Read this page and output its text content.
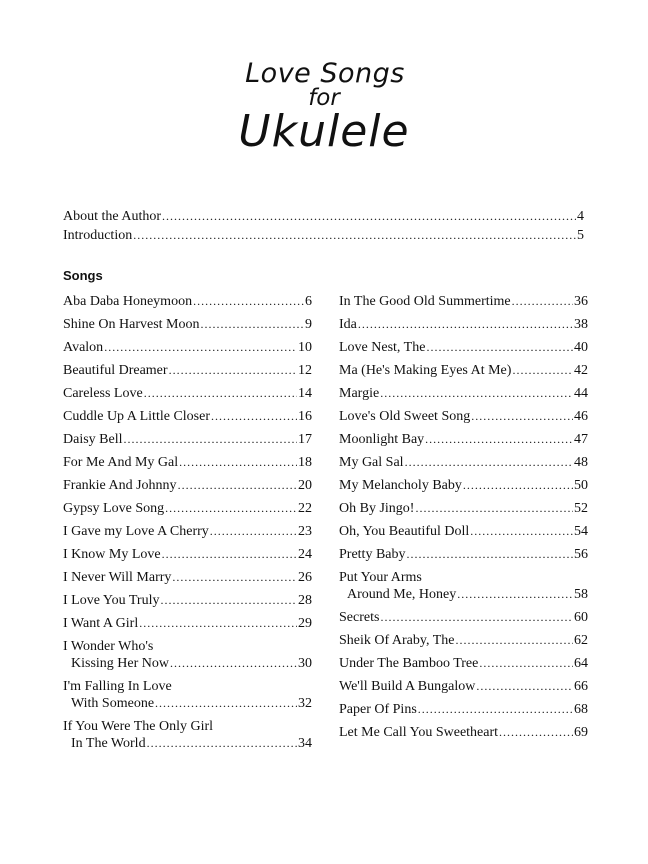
Love Songs
for
Ukulele
About the Author .....	4
Introduction .....	5
Songs
Aba Daba Honeymoon .....	6
Shine On Harvest Moon .....	9
Avalon .....	10
Beautiful Dreamer .....	12
Careless Love .....	14
Cuddle Up A Little Closer .....	16
Daisy Bell .....	17
For Me And My Gal .....	18
Frankie And Johnny .....	20
Gypsy Love Song .....	22
I Gave my Love A Cherry .....	23
I Know My Love .....	24
I Never Will Marry .....	26
I Love You Truly .....	28
I Want A Girl .....	29
I Wonder Who's
Kissing Her Now .....	30
I'm Falling In Love
With Someone .....	32
If You Were The Only Girl
In The World .....	34
In The Good Old Summertime .....	36
Ida .....	38
Love Nest, The .....	40
Ma (He's Making Eyes At Me) .....	42
Margie .....	44
Love's Old Sweet Song .....	46
Moonlight Bay .....	47
My Gal Sal .....	48
My Melancholy Baby .....	50
Oh By Jingo! .....	52
Oh, You Beautiful Doll .....	54
Pretty Baby .....	56
Put Your Arms
Around Me, Honey .....	58
Secrets .....	60
Sheik Of Araby, The .....	62
Under The Bamboo Tree .....	64
We'll Build A Bungalow .....	66
Paper Of Pins .....	68
Let Me Call You Sweetheart .....	69
